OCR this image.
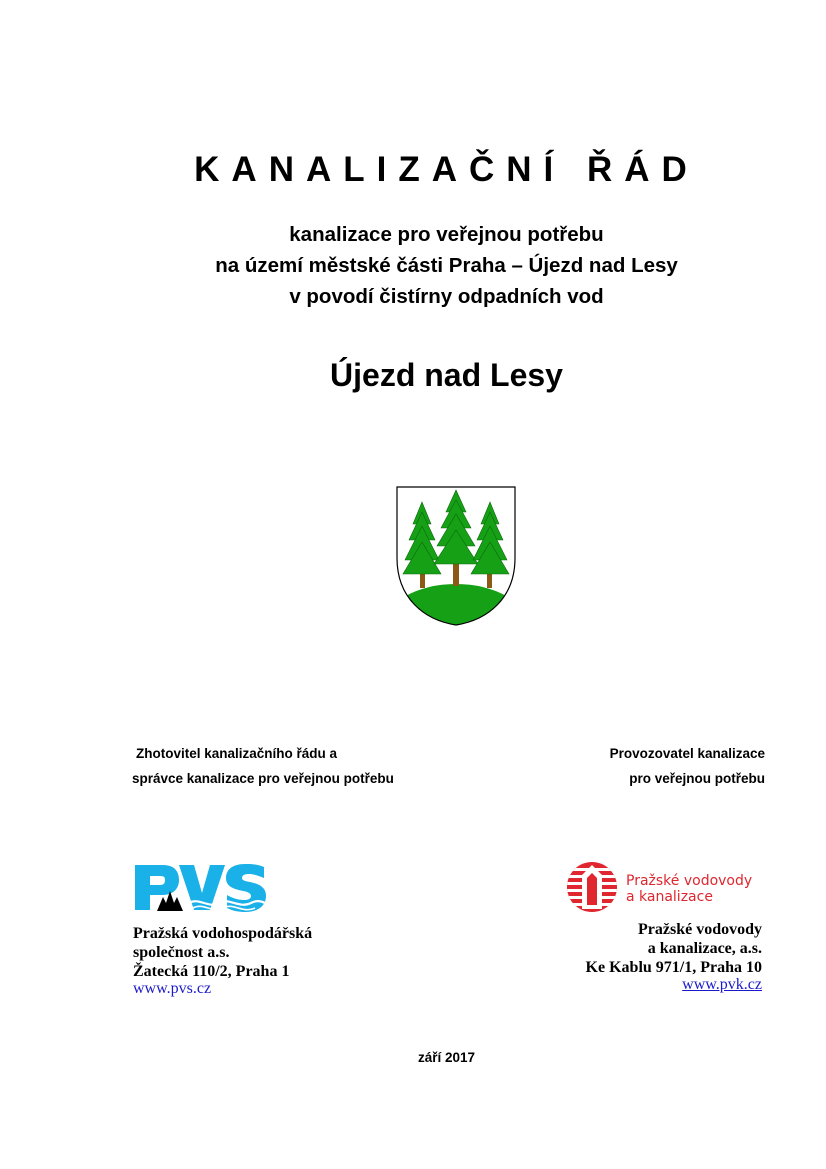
KANALIZAČNÍ ŘÁD
kanalizace pro veřejnou potřebu
na území městské části Praha – Újezd nad Lesy
v povodí čistírny odpadních vod
Újezd nad Lesy
Zhotovitel kanalizačního řádu a
správce kanalizace pro veřejnou potřebu
Provozovatel kanalizace
pro veřejnou potřebu
Pražské vodovody
a kanalizace
Pražská vodohospodářská
společnost a.s.
Žatecká 110/2, Praha 1
www.pvs.cz
Pražské vodovody
a kanalizace, a.s.
Ke Kablu 971/1, Praha 10
www.pvk.cz
září 2017
